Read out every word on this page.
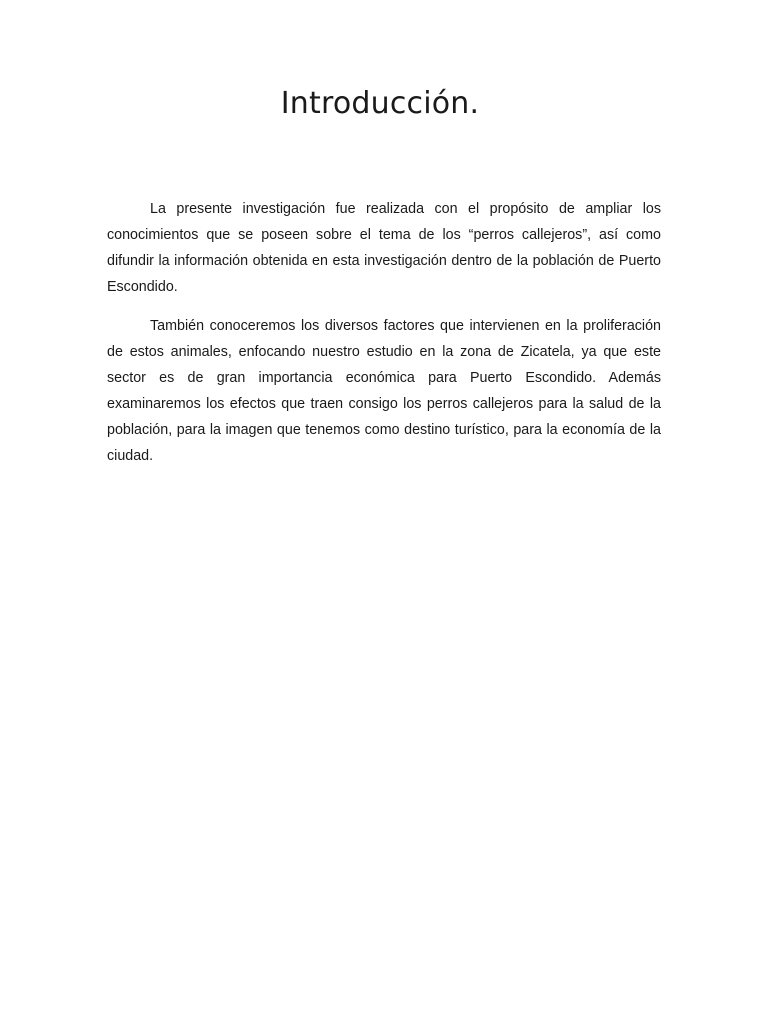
Introducción.

La presente investigación fue realizada con el propósito de ampliar los conocimientos que se poseen sobre el tema de los “perros callejeros”, así como difundir la información obtenida en esta investigación dentro de la población de Puerto Escondido.

También conoceremos los diversos factores que intervienen en la proliferación de estos animales, enfocando nuestro estudio en la zona de Zicatela, ya que este sector es de gran importancia económica para Puerto Escondido. Además examinaremos los efectos que traen consigo los perros callejeros para la salud de la población, para la imagen que tenemos como destino turístico, para la economía de la ciudad.
